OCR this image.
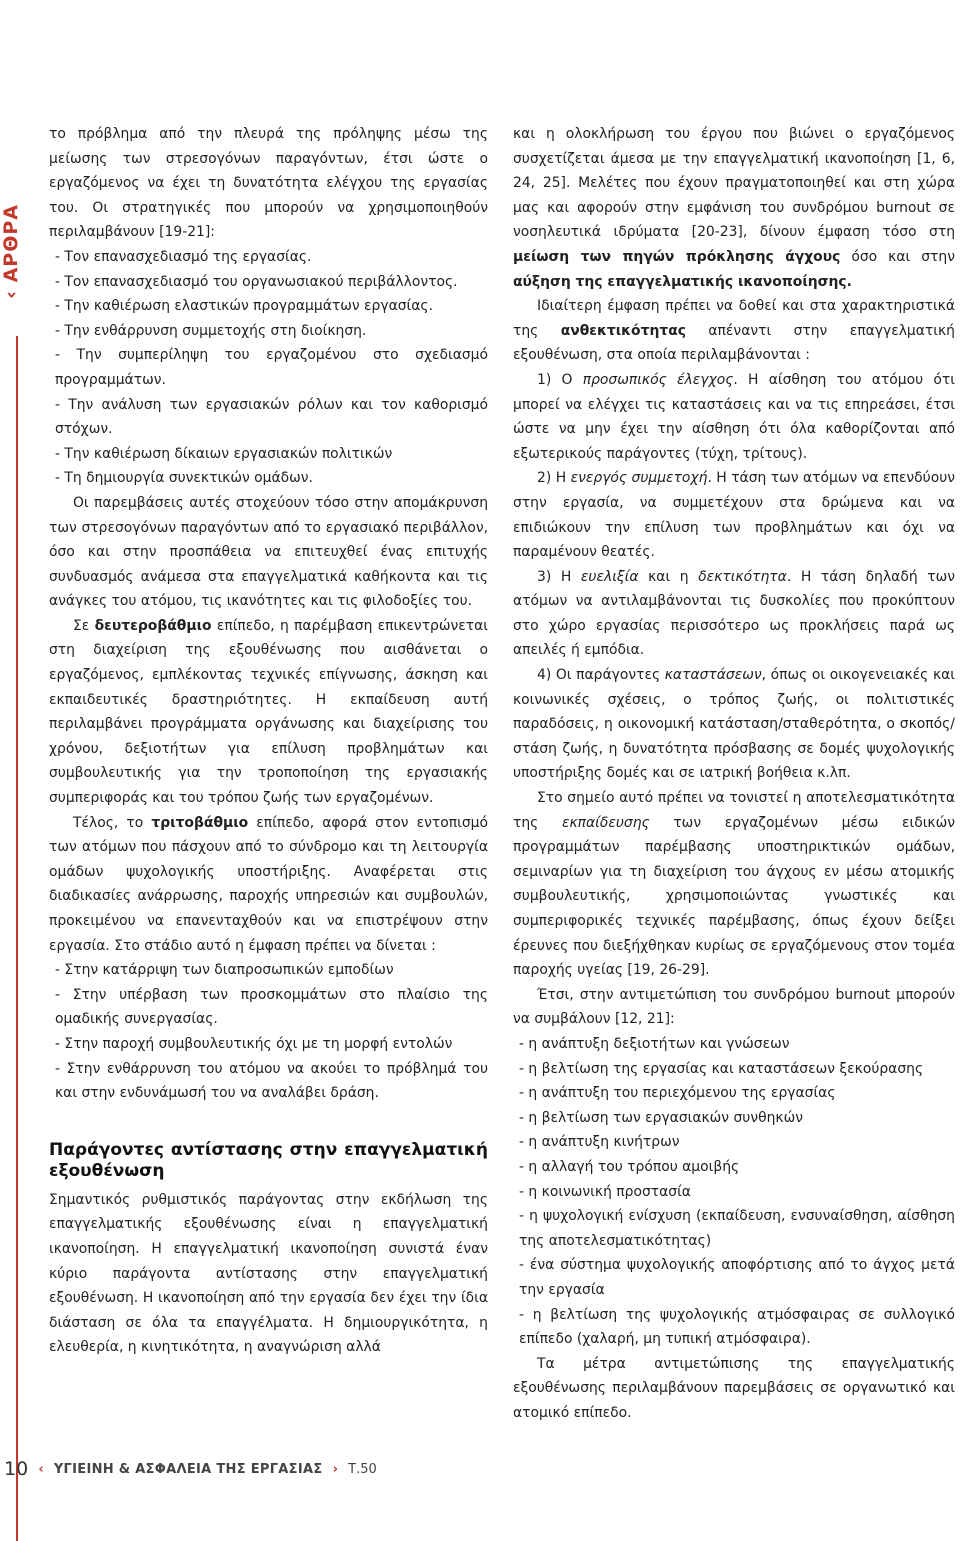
‹ ΑΡΘΡΑ

το πρόβλημα από την πλευρά της πρόληψης μέσω της μείωσης των στρεσογόνων παραγόντων, έτσι ώστε ο εργαζόμενος να έχει τη δυνατότητα ελέγχου της εργασίας του. Οι στρατηγικές που μπορούν να χρησιμοποιηθούν περιλαμβάνουν [19-21]:

- Τον επανασχεδιασμό της εργασίας.

- Τον επανασχεδιασμό του οργανωσιακού περιβάλλοντος.

- Την καθιέρωση ελαστικών προγραμμάτων εργασίας.

- Την ενθάρρυνση συμμετοχής στη διοίκηση.

- Την συμπερίληψη του εργαζομένου στο σχεδιασμό προγραμμάτων.

- Την ανάλυση των εργασιακών ρόλων και τον καθορισμό στόχων.

- Την καθιέρωση δίκαιων εργασιακών πολιτικών

- Τη δημιουργία συνεκτικών ομάδων.

Οι παρεμβάσεις αυτές στοχεύουν τόσο στην απομάκρυνση των στρεσογόνων παραγόντων από το εργασιακό περιβάλλον, όσο και στην προσπάθεια να επιτευχθεί ένας επιτυχής συνδυασμός ανάμεσα στα επαγγελματικά καθήκοντα και τις ανάγκες του ατόμου, τις ικανότητες και τις φιλοδοξίες του.

Σε δευτεροβάθμιο επίπεδο, η παρέμβαση επικεντρώνεται στη διαχείριση της εξουθένωσης που αισθάνεται ο εργαζόμενος, εμπλέκοντας τεχνικές επίγνωσης, άσκηση και εκπαιδευτικές δραστηριότητες. Η εκπαίδευση αυτή περιλαμβάνει προγράμματα οργάνωσης και διαχείρισης του χρόνου, δεξιοτήτων για επίλυση προβλημάτων και συμβουλευτικής για την τροποποίηση της εργασιακής συμπεριφοράς και του τρόπου ζωής των εργαζομένων.

Τέλος, το τριτοβάθμιο επίπεδο, αφορά στον εντοπισμό των ατόμων που πάσχουν από το σύνδρομο και τη λειτουργία ομάδων ψυχολογικής υποστήριξης. Αναφέρεται στις διαδικασίες ανάρρωσης, παροχής υπηρεσιών και συμβουλών, προκειμένου να επανενταχθούν και να επιστρέψουν στην εργασία. Στο στάδιο αυτό η έμφαση πρέπει να δίνεται :

- Στην κατάρριψη των διαπροσωπικών εμποδίων

- Στην υπέρβαση των προσκομμάτων στο πλαίσιο της ομαδικής συνεργασίας.

- Στην παροχή συμβουλευτικής όχι με τη μορφή εντολών

- Στην ενθάρρυνση του ατόμου να ακούει το πρόβλημά του και στην ενδυνάμωσή του να αναλάβει δράση.

Παράγοντες αντίστασης στην επαγγελματική εξουθένωση

Σημαντικός ρυθμιστικός παράγοντας στην εκδήλωση της επαγγελματικής εξουθένωσης είναι η επαγγελματική ικανοποίηση. Η επαγγελματική ικανοποίηση συνιστά έναν κύριο παράγοντα αντίστασης στην επαγγελματική εξουθένωση. Η ικανοποίηση από την εργασία δεν έχει την ίδια διάσταση σε όλα τα επαγγέλματα. Η δημιουργικότητα, η ελευθερία, η κινητικότητα, η αναγνώριση αλλά

και η ολοκλήρωση του έργου που βιώνει ο εργαζόμενος συσχετίζεται άμεσα με την επαγγελματική ικανοποίηση [1, 6, 24, 25]. Μελέτες που έχουν πραγματοποιηθεί και στη χώρα μας και αφορούν στην εμφάνιση του συνδρόμου burnout σε νοσηλευτικά ιδρύματα [20-23], δίνουν έμφαση τόσο στη μείωση των πηγών πρόκλησης άγχους όσο και στην αύξηση της επαγγελματικής ικανοποίησης.

Ιδιαίτερη έμφαση πρέπει να δοθεί και στα χαρακτηριστικά της ανθεκτικότητας απέναντι στην επαγγελματική εξουθένωση, στα οποία περιλαμβάνονται :

1) Ο προσωπικός έλεγχος. Η αίσθηση του ατόμου ότι μπορεί να ελέγχει τις καταστάσεις και να τις επηρεάσει, έτσι ώστε να μην έχει την αίσθηση ότι όλα καθορίζονται από εξωτερικούς παράγοντες (τύχη, τρίτους).

2) Η ενεργός συμμετοχή. Η τάση των ατόμων να επενδύουν στην εργασία, να συμμετέχουν στα δρώμενα και να επιδιώκουν την επίλυση των προβλημάτων και όχι να παραμένουν θεατές.

3) Η ευελιξία και η δεκτικότητα. Η τάση δηλαδή των ατόμων να αντιλαμβάνονται τις δυσκολίες που προκύπτουν στο χώρο εργασίας περισσότερο ως προκλήσεις παρά ως απειλές ή εμπόδια.

4) Οι παράγοντες καταστάσεων, όπως οι οικογενειακές και κοινωνικές σχέσεις, ο τρόπος ζωής, οι πολιτιστικές παραδόσεις, η οικονομική κατάσταση/σταθερότητα, ο σκοπός/στάση ζωής, η δυνατότητα πρόσβασης σε δομές ψυχολογικής υποστήριξης δομές και σε ιατρική βοήθεια κ.λπ.

Στο σημείο αυτό πρέπει να τονιστεί η αποτελεσματικότητα της εκπαίδευσης των εργαζομένων μέσω ειδικών προγραμμάτων παρέμβασης υποστηρικτικών ομάδων, σεμιναρίων για τη διαχείριση του άγχους εν μέσω ατομικής συμβουλευτικής, χρησιμοποιώντας γνωστικές και συμπεριφορικές τεχνικές παρέμβασης, όπως έχουν δείξει έρευνες που διεξήχθηκαν κυρίως σε εργαζόμενους στον τομέα παροχής υγείας [19, 26-29].

Έτσι, στην αντιμετώπιση του συνδρόμου burnout μπορούν να συμβάλουν [12, 21]:

- η ανάπτυξη δεξιοτήτων και γνώσεων

- η βελτίωση της εργασίας και καταστάσεων ξεκούρασης

- η ανάπτυξη του περιεχόμενου της εργασίας

- η βελτίωση των εργασιακών συνθηκών

- η ανάπτυξη κινήτρων

- η αλλαγή του τρόπου αμοιβής

- η κοινωνική προστασία

- η ψυχολογική ενίσχυση (εκπαίδευση, ενσυναίσθηση, αίσθηση της αποτελεσματικότητας)

- ένα σύστημα ψυχολογικής αποφόρτισης από το άγχος μετά την εργασία

- η βελτίωση της ψυχολογικής ατμόσφαιρας σε συλλογικό επίπεδο (χαλαρή, μη τυπική ατμόσφαιρα).

Τα μέτρα αντιμετώπισης της επαγγελματικής εξουθένωσης περιλαμβάνουν παρεμβάσεις σε οργανωτικό και ατομικό επίπεδο.

10 ‹ ΥΓΙΕΙΝΗ & ΑΣΦΑΛΕΙΑ ΤΗΣ ΕΡΓΑΣΙΑΣ › Τ.50
